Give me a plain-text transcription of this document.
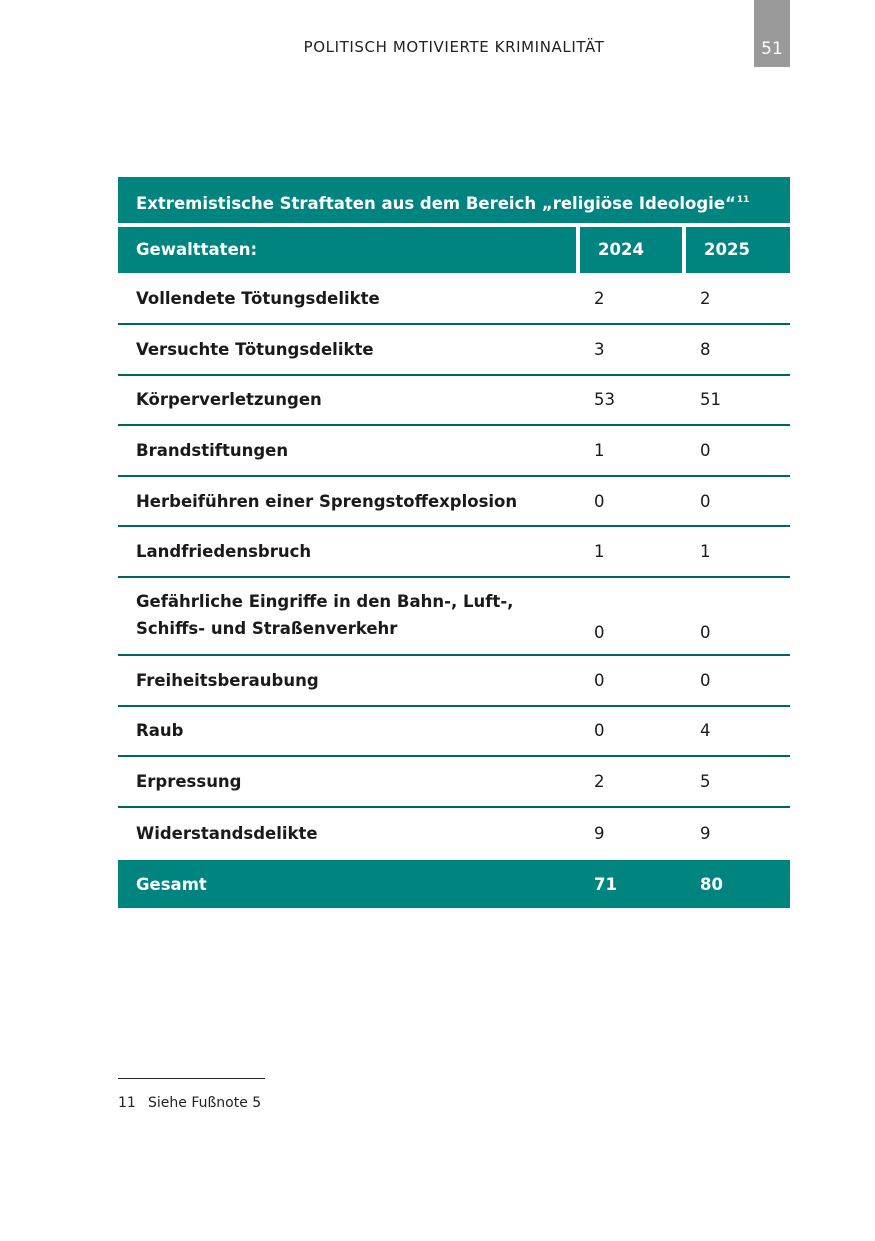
POLITISCH MOTIVIERTE KRIMINALITÄT	51
Extremistische Straftaten aus dem Bereich „religiöse Ideologie“$^{11}$
Gewalttaten:	2024	2025
Vollendete Tötungsdelikte	2	2
Versuchte Tötungsdelikte	3	8
Körperverletzungen	53	51
Brandstiftungen	1	0
Herbeiführen einer Sprengstoffexplosion	0	0
Landfriedensbruch	1	1
Gefährliche Eingriffe in den Bahn-, Luft-,
Schiffs- und Straßenverkehr	0	0
Freiheitsberaubung	0	0
Raub	0	4
Erpressung	2	5
Widerstandsdelikte	9	9
Gesamt	71	80
11 Siehe Fußnote 5
